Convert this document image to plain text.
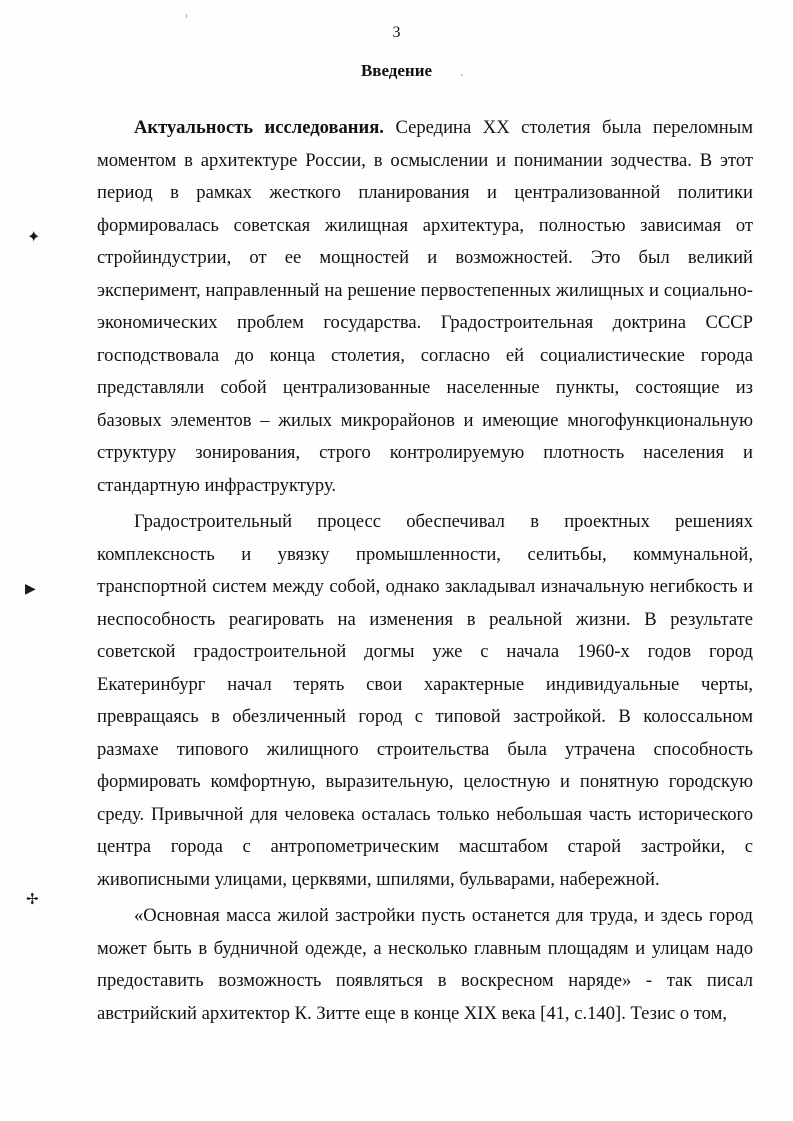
3
Введение
✦
▶
✢

Актуальность исследования. Середина XX столетия была переломным моментом в архитектуре России, в осмыслении и понимании зодчества. В этот период в рамках жесткого планирования и централизованной политики формировалась советская жилищная архитектура, полностью зависимая от стройиндустрии, от ее мощностей и возможностей. Это был великий эксперимент, направленный на решение первостепенных жилищных и социально-экономических проблем государства. Градостроительная доктрина СССР господствовала до конца столетия, согласно ей социалистические города представляли собой централизованные населенные пункты, состоящие из базовых элементов – жилых микрорайонов и имеющие многофункциональную структуру зонирования, строго контролируемую плотность населения и стандартную инфраструктуру.

Градостроительный процесс обеспечивал в проектных решениях комплексность и увязку промышленности, селитьбы, коммунальной, транспортной систем между собой, однако закладывал изначальную негибкость и неспособность реагировать на изменения в реальной жизни. В результате советской градостроительной догмы уже с начала 1960-х годов город Екатеринбург начал терять свои характерные индивидуальные черты, превращаясь в обезличенный город с типовой застройкой. В колоссальном размахе типового жилищного строительства была утрачена способность формировать комфортную, выразительную, целостную и понятную городскую среду. Привычной для человека осталась только небольшая часть исторического центра города с антропометрическим масштабом старой застройки, с живописными улицами, церквями, шпилями, бульварами, набережной.

«Основная масса жилой застройки пусть останется для труда, и здесь город может быть в будничной одежде, а несколько главным площадям и улицам надо предоставить возможность появляться в воскресном наряде» - так писал австрийский архитектор К. Зитте еще в конце XIX века [41, с.140]. Тезис о том,
